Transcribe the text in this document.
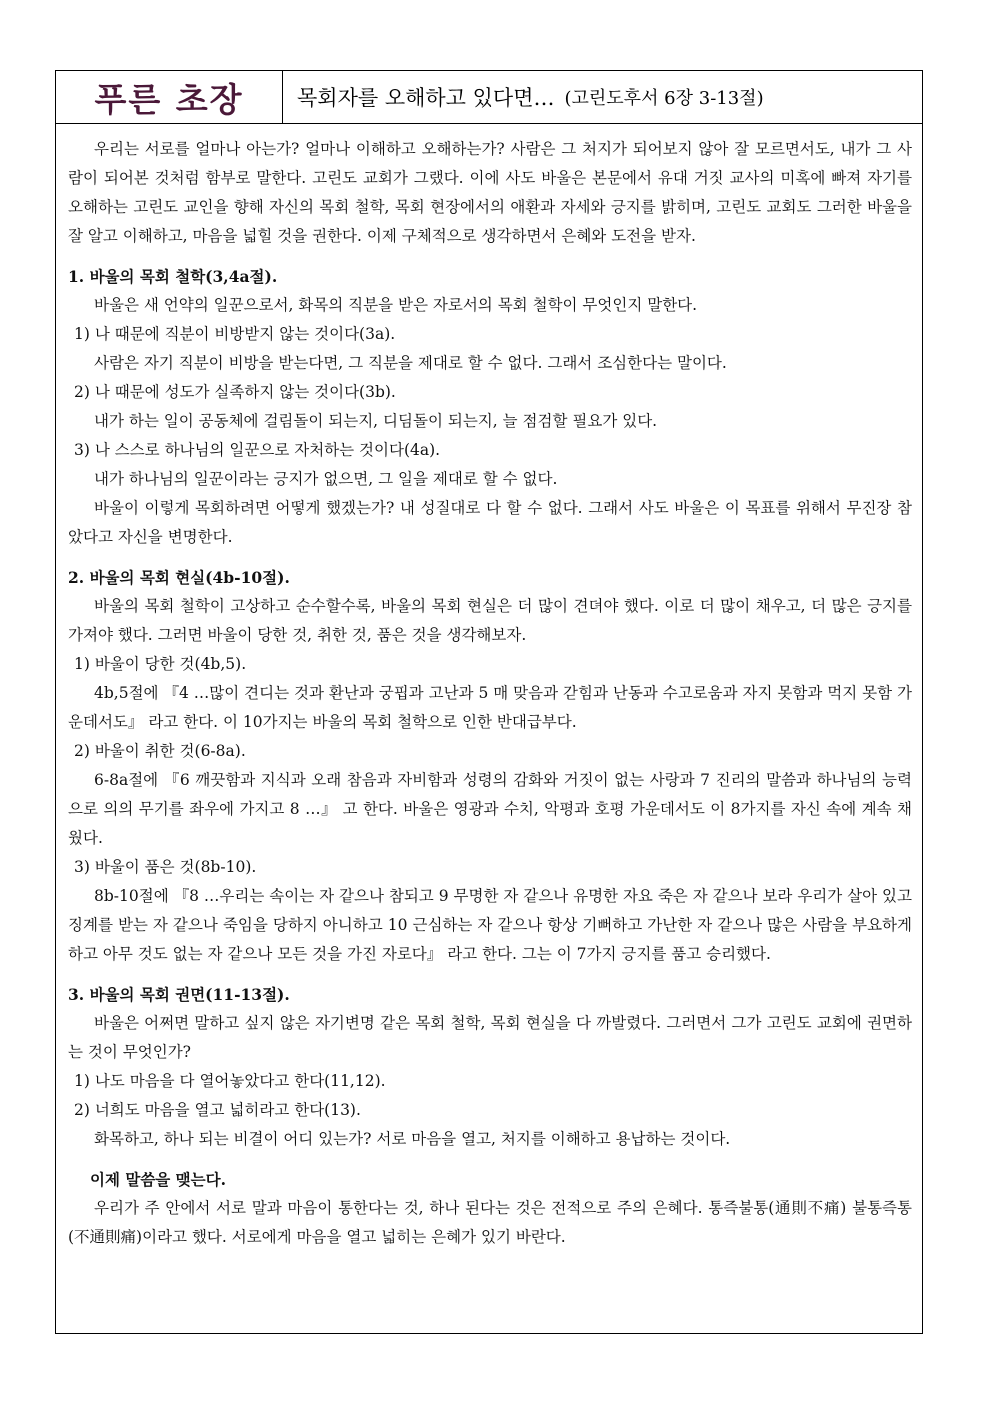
푸른 초장	목회자를 오해하고 있다면… (고린도후서 6장 3-13절)

우리는 서로를 얼마나 아는가? 얼마나 이해하고 오해하는가? 사람은 그 처지가 되어보지 않아 잘 모르면서도, 내가 그 사람이 되어본 것처럼 함부로 말한다. 고린도 교회가 그랬다. 이에 사도 바울은 본문에서 유대 거짓 교사의 미혹에 빠져 자기를 오해하는 고린도 교인을 향해 자신의 목회 철학, 목회 현장에서의 애환과 자세와 긍지를 밝히며, 고린도 교회도 그러한 바울을 잘 알고 이해하고, 마음을 넓힐 것을 권한다. 이제 구체적으로 생각하면서 은혜와 도전을 받자.

1. 바울의 목회 철학(3,4a절).

바울은 새 언약의 일꾼으로서, 화목의 직분을 받은 자로서의 목회 철학이 무엇인지 말한다.

1) 나 때문에 직분이 비방받지 않는 것이다(3a).

사람은 자기 직분이 비방을 받는다면, 그 직분을 제대로 할 수 없다. 그래서 조심한다는 말이다.

2) 나 때문에 성도가 실족하지 않는 것이다(3b).

내가 하는 일이 공동체에 걸림돌이 되는지, 디딤돌이 되는지, 늘 점검할 필요가 있다.

3) 나 스스로 하나님의 일꾼으로 자처하는 것이다(4a).

내가 하나님의 일꾼이라는 긍지가 없으면, 그 일을 제대로 할 수 없다.

바울이 이렇게 목회하려면 어떻게 했겠는가? 내 성질대로 다 할 수 없다. 그래서 사도 바울은 이 목표를 위해서 무진장 참았다고 자신을 변명한다.

2. 바울의 목회 현실(4b-10절).

바울의 목회 철학이 고상하고 순수할수록, 바울의 목회 현실은 더 많이 견뎌야 했다. 이로 더 많이 채우고, 더 많은 긍지를 가져야 했다. 그러면 바울이 당한 것, 취한 것, 품은 것을 생각해보자.

1) 바울이 당한 것(4b,5).

4b,5절에 『4 …많이 견디는 것과 환난과 궁핍과 고난과 5 매 맞음과 갇힘과 난동과 수고로움과 자지 못함과 먹지 못함 가운데서도』 라고 한다. 이 10가지는 바울의 목회 철학으로 인한 반대급부다.

2) 바울이 취한 것(6-8a).

6-8a절에 『6 깨끗함과 지식과 오래 참음과 자비함과 성령의 감화와 거짓이 없는 사랑과 7 진리의 말씀과 하나님의 능력으로 의의 무기를 좌우에 가지고 8 …』 고 한다. 바울은 영광과 수치, 악평과 호평 가운데서도 이 8가지를 자신 속에 계속 채웠다.

3) 바울이 품은 것(8b-10).

8b-10절에 『8 …우리는 속이는 자 같으나 참되고 9 무명한 자 같으나 유명한 자요 죽은 자 같으나 보라 우리가 살아 있고 징계를 받는 자 같으나 죽임을 당하지 아니하고 10 근심하는 자 같으나 항상 기뻐하고 가난한 자 같으나 많은 사람을 부요하게 하고 아무 것도 없는 자 같으나 모든 것을 가진 자로다』 라고 한다. 그는 이 7가지 긍지를 품고 승리했다.

3. 바울의 목회 권면(11-13절).

바울은 어쩌면 말하고 싶지 않은 자기변명 같은 목회 철학, 목회 현실을 다 까발렸다. 그러면서 그가 고린도 교회에 권면하는 것이 무엇인가?

1) 나도 마음을 다 열어놓았다고 한다(11,12).

2) 너희도 마음을 열고 넓히라고 한다(13).

화목하고, 하나 되는 비결이 어디 있는가? 서로 마음을 열고, 처지를 이해하고 용납하는 것이다.

이제 말씀을 맺는다.

우리가 주 안에서 서로 말과 마음이 통한다는 것, 하나 된다는 것은 전적으로 주의 은혜다. 통즉불통(通則不痛) 불통즉통(不通則痛)이라고 했다. 서로에게 마음을 열고 넓히는 은혜가 있기 바란다.
